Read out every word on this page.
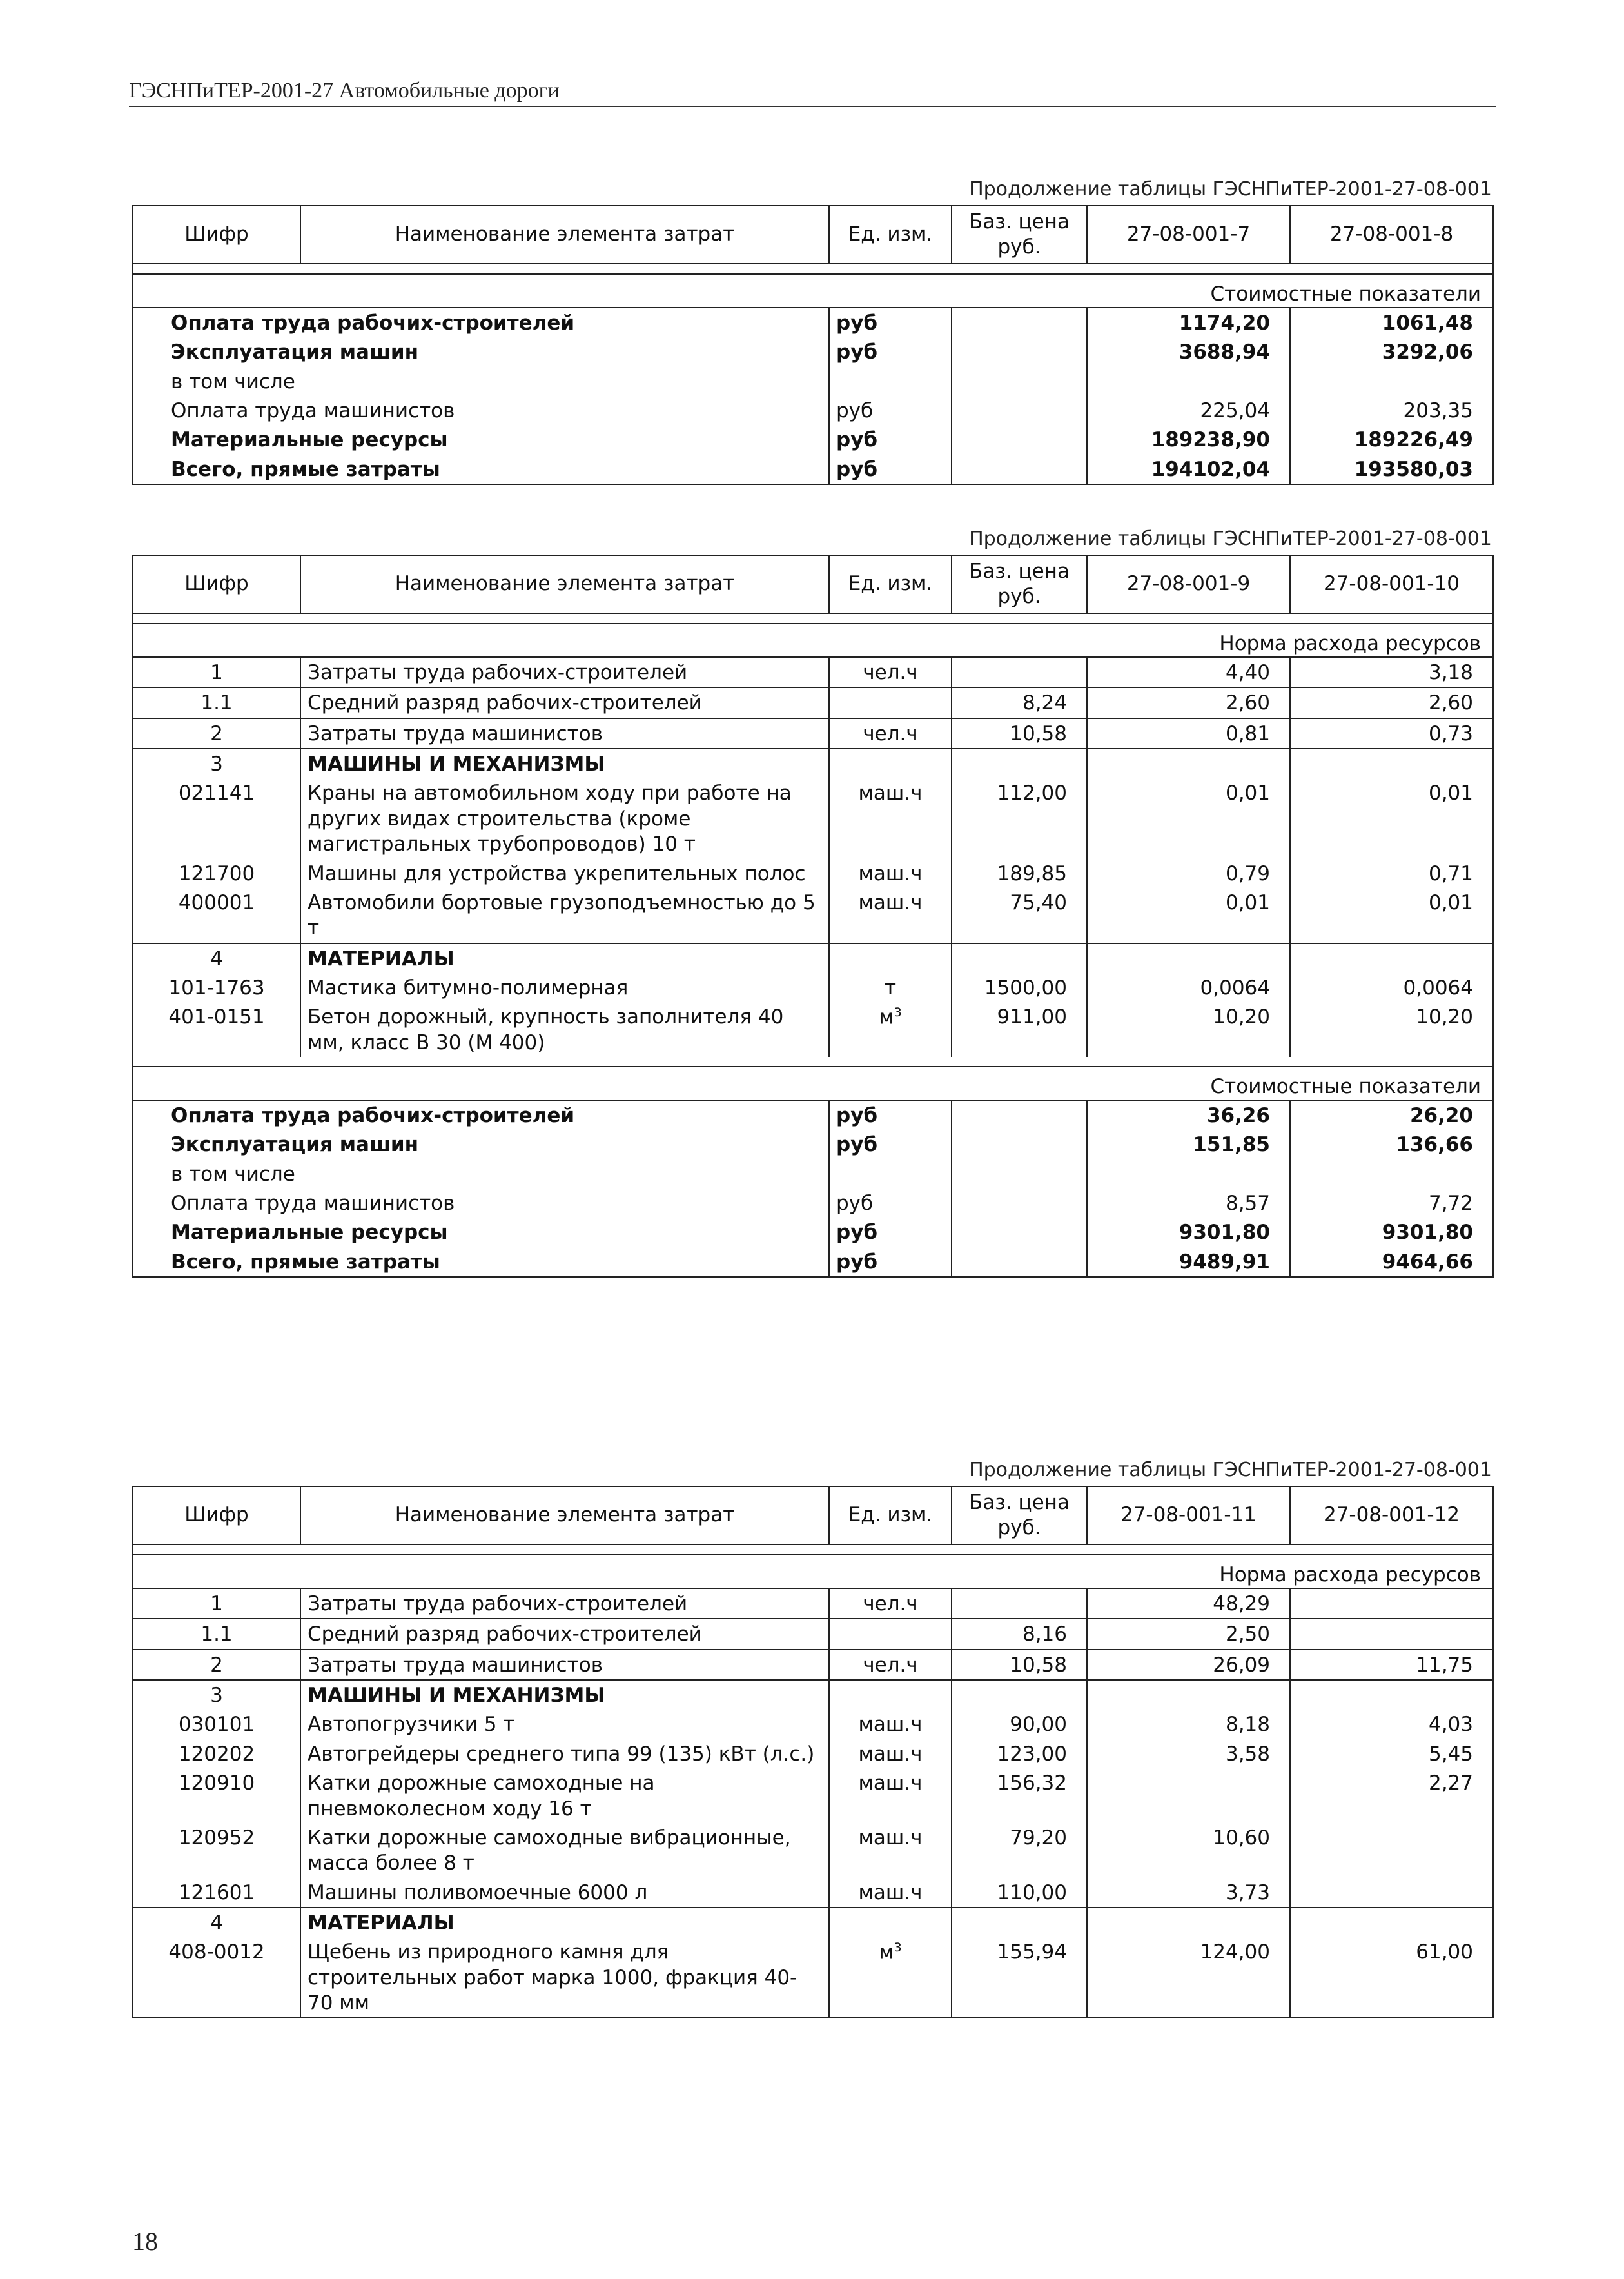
ГЭСНПиТЕР-2001-27 Автомобильные дороги
Продолжение таблицы ГЭСНПиТЕР-2001-27-08-001
Шифр	Наименование элемента затрат	Ед. изм.	Баз. цена руб.	27-08-001-7	27-08-001-8

Стоимостные показатели					
Оплата труда рабочих-строителей		руб		1174,20	1061,48
Эксплуатация машин		руб		3688,94	3292,06
в том числе					
Оплата труда машинистов		руб		225,04	203,35
Материальные ресурсы		руб		189238,90	189226,49
Всего, прямые затраты		руб		194102,04	193580,03
Продолжение таблицы ГЭСНПиТЕР-2001-27-08-001
Шифр	Наименование элемента затрат	Ед. изм.	Баз. цена руб.	27-08-001-9	27-08-001-10

Норма расхода ресурсов					
1	Затраты труда рабочих-строителей	чел.ч		4,40	3,18
1.1	Средний разряд рабочих-строителей		8,24	2,60	2,60
2	Затраты труда машинистов	чел.ч	10,58	0,81	0,73
3	МАШИНЫ И МЕХАНИЗМЫ				
021141	Краны на автомобильном ходу при работе на других видах строительства (кроме магистральных трубопроводов) 10 т	маш.ч	112,00	0,01	0,01
121700	Машины для устройства укрепительных полос	маш.ч	189,85	0,79	0,71
400001	Автомобили бортовые грузоподъемностью до 5 т	маш.ч	75,40	0,01	0,01
4	МАТЕРИАЛЫ				
101-1763	Мастика битумно-полимерная	т	1500,00	0,0064	0,0064
401-0151	Бетон дорожный, крупность заполнителя 40 мм, класс В 30 (М 400)	$м^3$	911,00	10,20	10,20

Стоимостные показатели					
Оплата труда рабочих-строителей		руб		36,26	26,20
Эксплуатация машин		руб		151,85	136,66
в том числе					
Оплата труда машинистов		руб		8,57	7,72
Материальные ресурсы		руб		9301,80	9301,80
Всего, прямые затраты		руб		9489,91	9464,66
Продолжение таблицы ГЭСНПиТЕР-2001-27-08-001
Шифр	Наименование элемента затрат	Ед. изм.	Баз. цена руб.	27-08-001-11	27-08-001-12

Норма расхода ресурсов					
1	Затраты труда рабочих-строителей	чел.ч		48,29	
1.1	Средний разряд рабочих-строителей		8,16	2,50	
2	Затраты труда машинистов	чел.ч	10,58	26,09	11,75
3	МАШИНЫ И МЕХАНИЗМЫ				
030101	Автопогрузчики 5 т	маш.ч	90,00	8,18	4,03
120202	Автогрейдеры среднего типа 99 (135) кВт (л.с.)	маш.ч	123,00	3,58	5,45
120910	Катки дорожные самоходные на пневмоколесном ходу 16 т	маш.ч	156,32		2,27
120952	Катки дорожные самоходные вибрационные, масса более 8 т	маш.ч	79,20	10,60	
121601	Машины поливомоечные 6000 л	маш.ч	110,00	3,73	
4	МАТЕРИАЛЫ				
408-0012	Щебень из природного камня для строительных работ марка 1000, фракция 40-70 мм	$м^3$	155,94	124,00	61,00
18
